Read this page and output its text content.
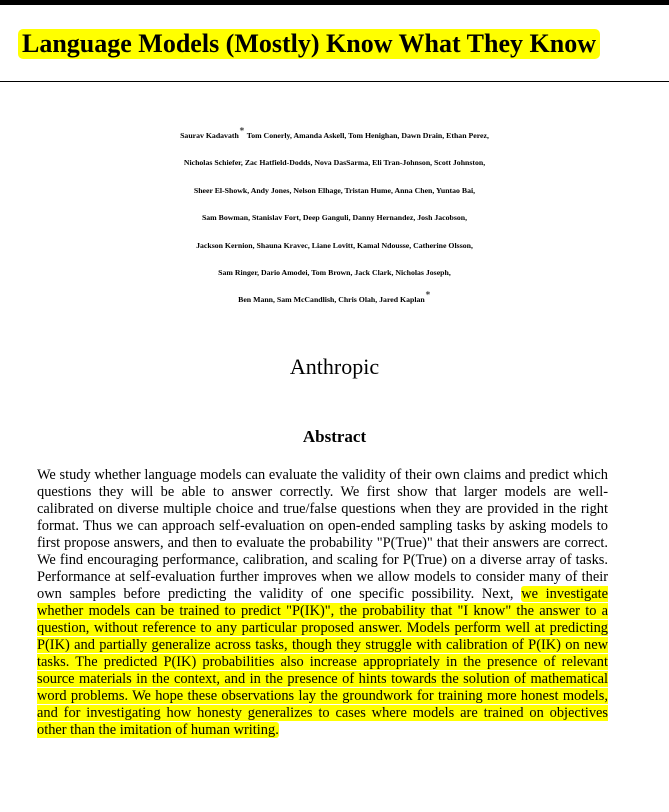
Language Models (Mostly) Know What They Know
Saurav Kadavath∗ Tom Conerly, Amanda Askell, Tom Henighan, Dawn Drain, Ethan Perez,
Nicholas Schiefer, Zac Hatfield-Dodds, Nova DasSarma, Eli Tran-Johnson, Scott Johnston,
Sheer El-Showk, Andy Jones, Nelson Elhage, Tristan Hume, Anna Chen, Yuntao Bai,
Sam Bowman, Stanislav Fort, Deep Ganguli, Danny Hernandez, Josh Jacobson,
Jackson Kernion, Shauna Kravec, Liane Lovitt, Kamal Ndousse, Catherine Olsson,
Sam Ringer, Dario Amodei, Tom Brown, Jack Clark, Nicholas Joseph,
Ben Mann, Sam McCandlish, Chris Olah, Jared Kaplan∗
Anthropic
Abstract

We study whether language models can evaluate the validity of their own claims and predict which questions they will be able to answer correctly. We first show that larger models are well-calibrated on diverse multiple choice and true/false questions when they are provided in the right format. Thus we can approach self-evaluation on open-ended sampling tasks by asking models to first propose answers, and then to evaluate the probability "P(True)" that their answers are correct. We find encouraging performance, calibration, and scaling for P(True) on a diverse array of tasks. Performance at self-evaluation further improves when we allow models to consider many of their own samples before predicting the validity of one specific possibility. Next, we investigate whether models can be trained to predict "P(IK)", the probability that "I know" the answer to a question, without reference to any particular proposed answer. Models perform well at predicting P(IK) and partially generalize across tasks, though they struggle with calibration of P(IK) on new tasks. The predicted P(IK) probabilities also increase appropriately in the presence of relevant source materials in the context, and in the presence of hints towards the solution of mathematical word problems. We hope these observations lay the groundwork for training more honest models, and for investigating how honesty generalizes to cases where models are trained on objectives other than the imitation of human writing.
